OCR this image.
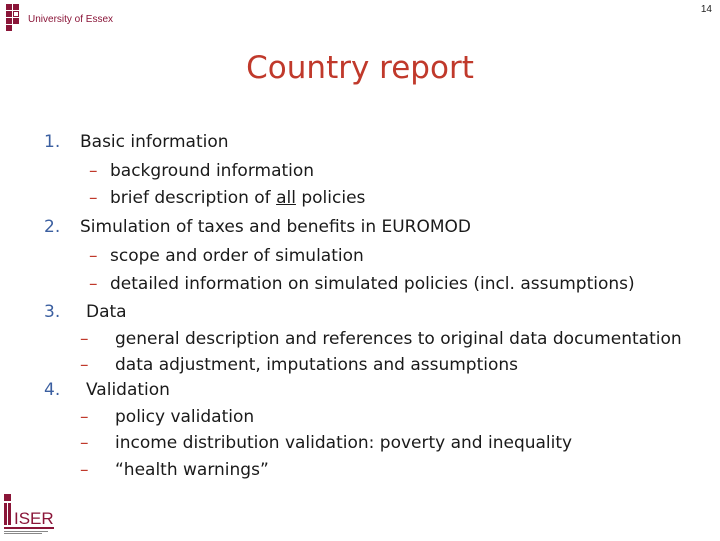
University of Essex
14
Country report
1. Basic information
– background information
– brief description of all policies
2. Simulation of taxes and benefits in EUROMOD
– scope and order of simulation
– detailed information on simulated policies (incl. assumptions)
3. Data
– general description and references to original data documentation
– data adjustment, imputations and assumptions
4. Validation
– policy validation
– income distribution validation: poverty and inequality
– “health warnings”
ISER
